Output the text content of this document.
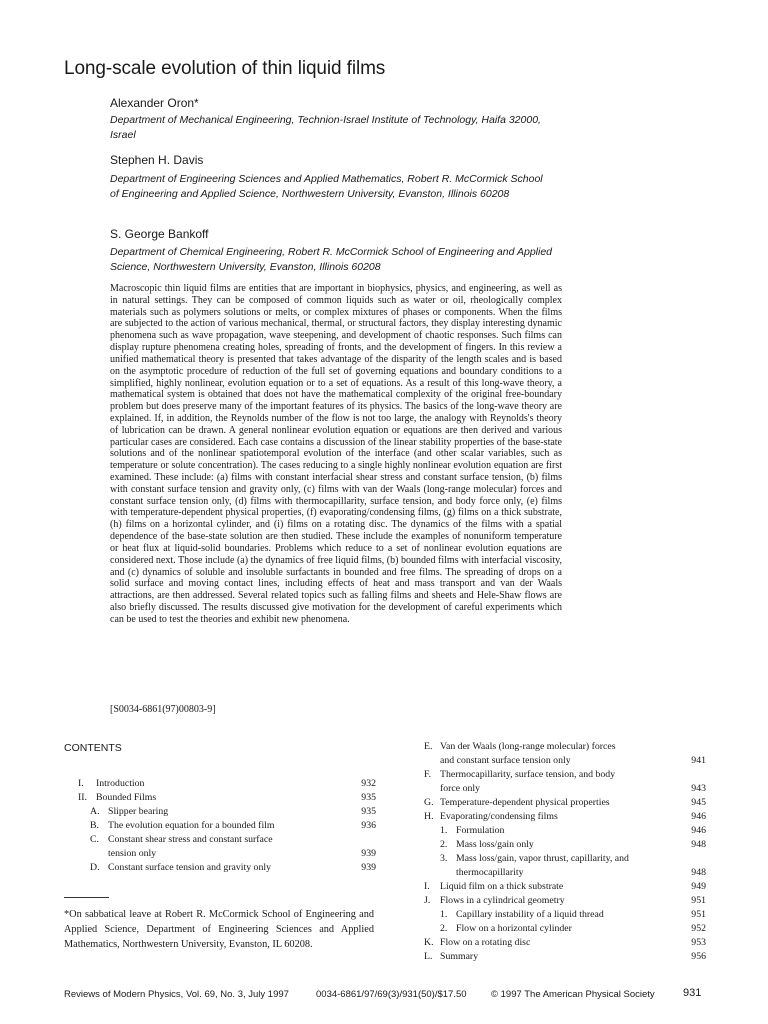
Long-scale evolution of thin liquid films
Alexander Oron*
Department of Mechanical Engineering, Technion-Israel Institute of Technology, Haifa 32000, Israel
Stephen H. Davis
Department of Engineering Sciences and Applied Mathematics, Robert R. McCormick School of Engineering and Applied Science, Northwestern University, Evanston, Illinois 60208
S. George Bankoff
Department of Chemical Engineering, Robert R. McCormick School of Engineering and Applied Science, Northwestern University, Evanston, Illinois 60208

Macroscopic thin liquid films are entities that are important in biophysics, physics, and engineering, as well as in natural settings. They can be composed of common liquids such as water or oil, rheologically complex materials such as polymers solutions or melts, or complex mixtures of phases or components. When the films are subjected to the action of various mechanical, thermal, or structural factors, they display interesting dynamic phenomena such as wave propagation, wave steepening, and development of chaotic responses. Such films can display rupture phenomena creating holes, spreading of fronts, and the development of fingers. In this review a unified mathematical theory is presented that takes advantage of the disparity of the length scales and is based on the asymptotic procedure of reduction of the full set of governing equations and boundary conditions to a simplified, highly nonlinear, evolution equation or to a set of equations. As a result of this long-wave theory, a mathematical system is obtained that does not have the mathematical complexity of the original free-boundary problem but does preserve many of the important features of its physics. The basics of the long-wave theory are explained. If, in addition, the Reynolds number of the flow is not too large, the analogy with Reynolds's theory of lubrication can be drawn. A general nonlinear evolution equation or equations are then derived and various particular cases are considered. Each case contains a discussion of the linear stability properties of the base-state solutions and of the nonlinear spatiotemporal evolution of the interface (and other scalar variables, such as temperature or solute concentration). The cases reducing to a single highly nonlinear evolution equation are first examined. These include: (a) films with constant interfacial shear stress and constant surface tension, (b) films with constant surface tension and gravity only, (c) films with van der Waals (long-range molecular) forces and constant surface tension only, (d) films with thermocapillarity, surface tension, and body force only, (e) films with temperature-dependent physical properties, (f) evaporating/condensing films, (g) films on a thick substrate, (h) films on a horizontal cylinder, and (i) films on a rotating disc. The dynamics of the films with a spatial dependence of the base-state solution are then studied. These include the examples of nonuniform temperature or heat flux at liquid-solid boundaries. Problems which reduce to a set of nonlinear evolution equations are considered next. Those include (a) the dynamics of free liquid films, (b) bounded films with interfacial viscosity, and (c) dynamics of soluble and insoluble surfactants in bounded and free films. The spreading of drops on a solid surface and moving contact lines, including effects of heat and mass transport and van der Waals attractions, are then addressed. Several related topics such as falling films and sheets and Hele-Shaw flows are also briefly discussed. The results discussed give motivation for the development of careful experiments which can be used to test the theories and exhibit new phenomena.

[S0034-6861(97)00803-9]
CONTENTS
I. Introduction	932
II. Bounded Films	935
A. Slipper bearing	935
B. The evolution equation for a bounded film	936
C. Constant shear stress and constant surface
tension only	939
D. Constant surface tension and gravity only	939
E. Van der Waals (long-range molecular) forces
and constant surface tension only	941
F. Thermocapillarity, surface tension, and body
force only	943
G. Temperature-dependent physical properties	945
H. Evaporating/condensing films	946
1. Formulation	946
2. Mass loss/gain only	948
3. Mass loss/gain, vapor thrust, capillarity, and
thermocapillarity	948
I. Liquid film on a thick substrate	949
J. Flows in a cylindrical geometry	951
1. Capillary instability of a liquid thread	951
2. Flow on a horizontal cylinder	952
K. Flow on a rotating disc	953
L. Summary	956

*On sabbatical leave at Robert R. McCormick School of Engineering and Applied Science, Department of Engineering Sciences and Applied Mathematics, Northwestern University, Evanston, IL 60208.

Reviews of Modern Physics, Vol. 69, No. 3, July 1997	0034-6861/97/69(3)/931(50)/$17.50	© 1997 The American Physical Society	931
